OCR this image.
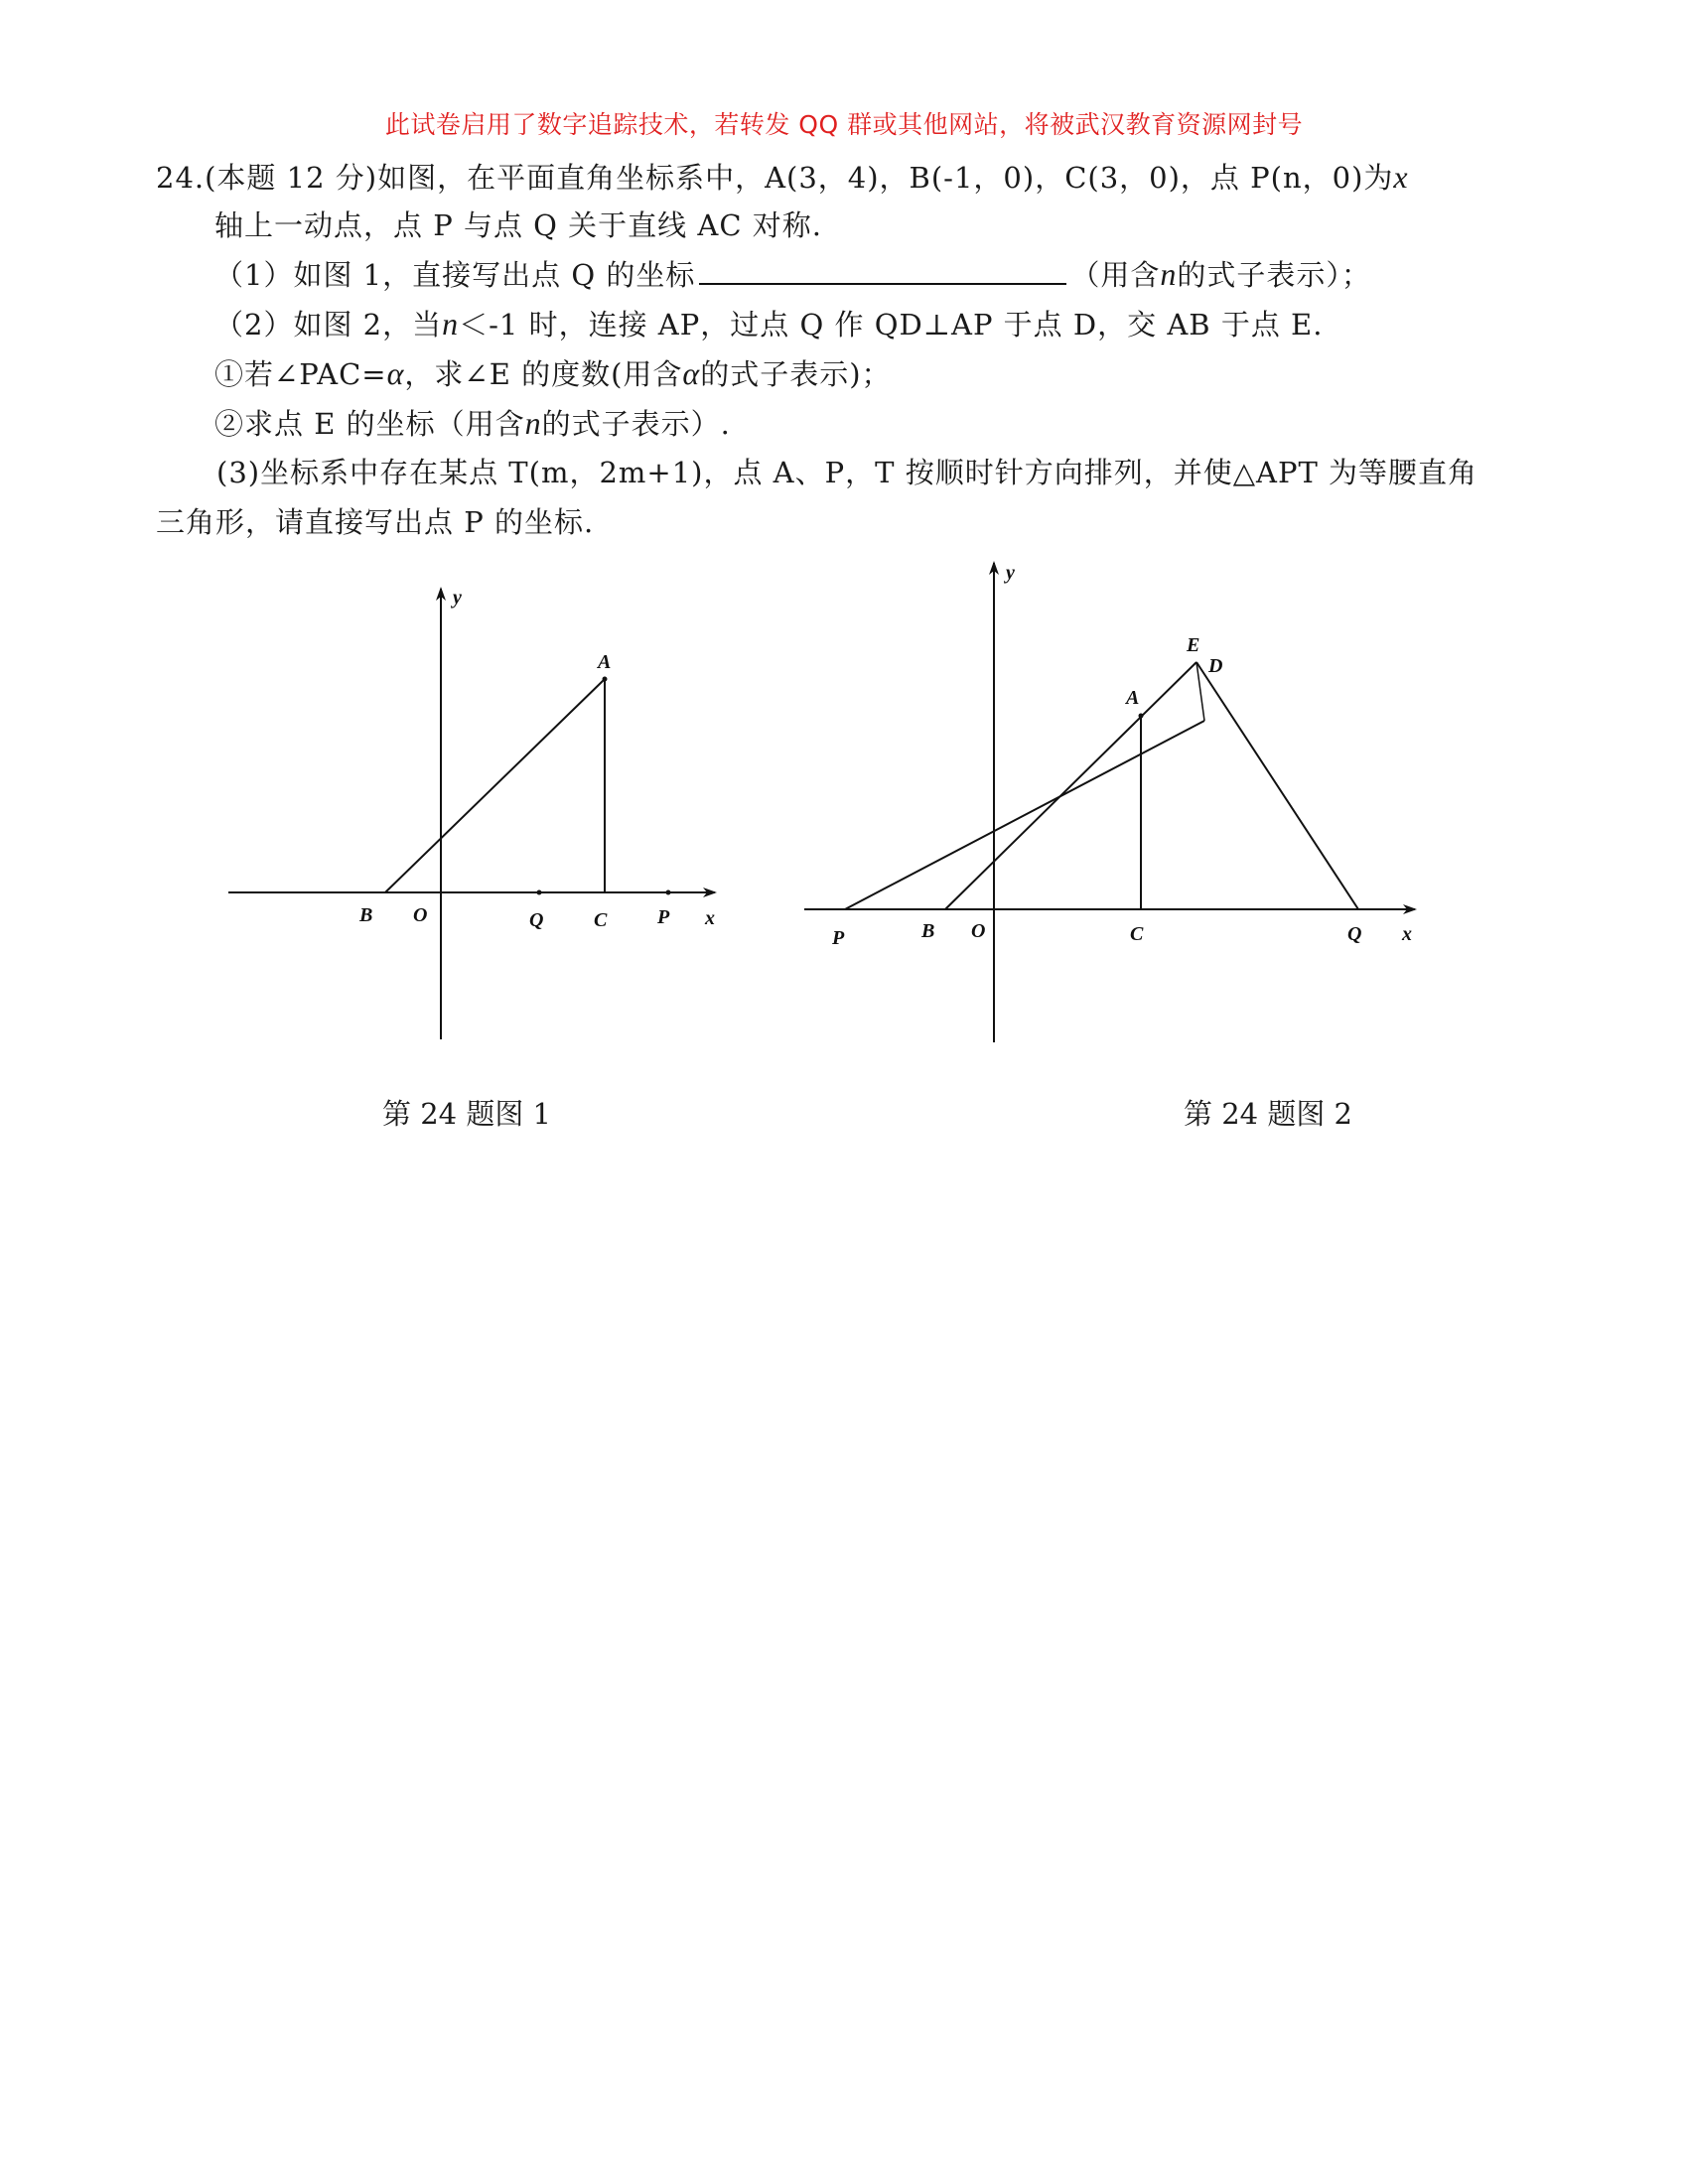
此试卷启用了数字追踪技术，若转发 QQ 群或其他网站，将被武汉教育资源网封号
24.(本题 12 分)如图，在平面直角坐标系中，A(3，4)，B(-1，0)，C(3，0)，点 P(n，0)为x
轴上一动点，点 P 与点 Q 关于直线 AC 对称.
（1）如图 1，直接写出点 Q 的坐标	（用含n的式子表示）；
（2）如图 2，当n＜-1 时，连接 AP，过点 Q 作 QD⊥AP 于点 D，交 AB 于点 E.
①若∠PAC=α，求∠E 的度数(用含α的式子表示)；
②求点 E 的坐标（用含n的式子表示）.
(3)坐标系中存在某点 T(m，2m+1)，点 A、P，T 按顺时针方向排列，并使△APT 为等腰直角
三角形，请直接写出点 P 的坐标.
y
A
B O	Q	C	P x
y
E
D
A
P	B O	C	Q x
第 24 题图 1	第 24 题图 2
